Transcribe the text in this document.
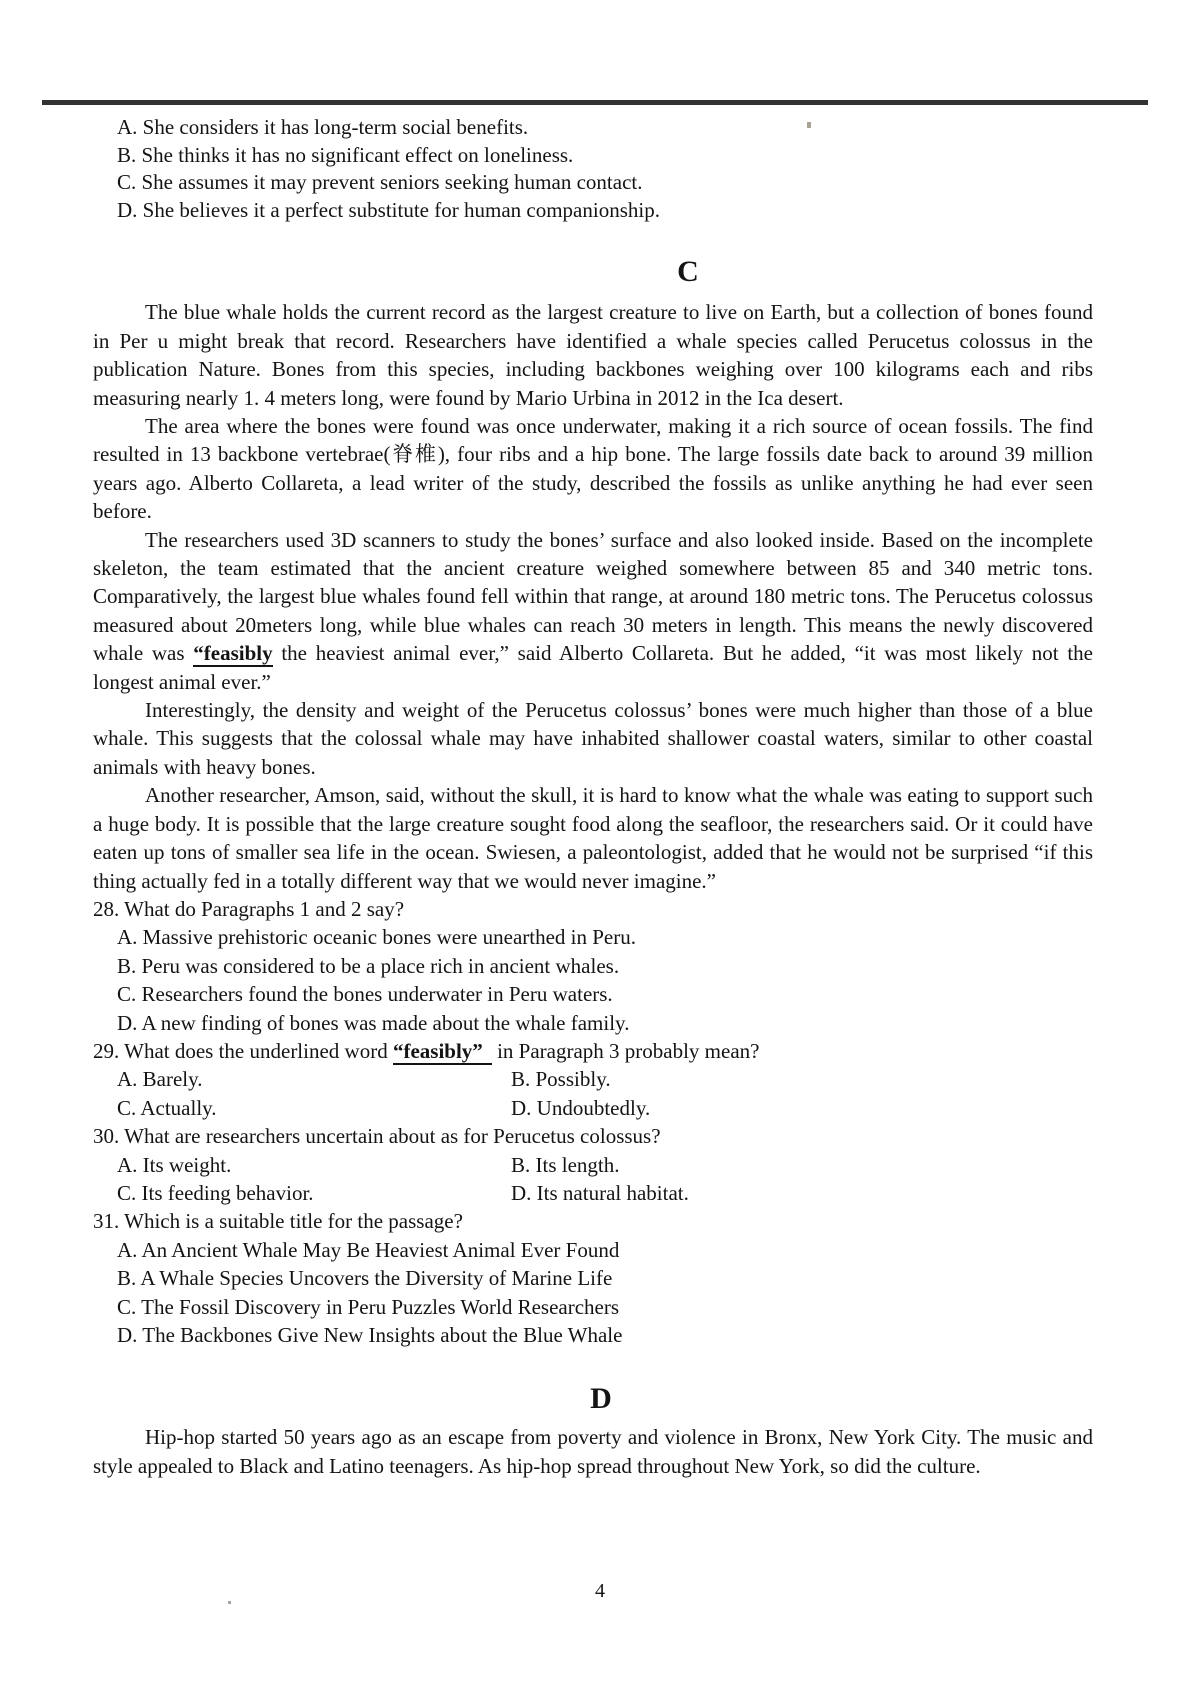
A. She considers it has long-term social benefits.
B. She thinks it has no significant effect on loneliness.
C. She assumes it may prevent seniors seeking human contact.
D. She believes it a perfect substitute for human companionship.
C

The blue whale holds the current record as the largest creature to live on Earth, but a collection of bones found in Per u might break that record. Researchers have identified a whale species called Perucetus colossus in the publication Nature. Bones from this species, including backbones weighing over 100 kilograms each and ribs measuring nearly 1. 4 meters long, were found by Mario Urbina in 2012 in the Ica desert.

The area where the bones were found was once underwater, making it a rich source of ocean fossils. The find resulted in 13 backbone vertebrae(脊椎), four ribs and a hip bone. The large fossils date back to around 39 million years ago. Alberto Collareta, a lead writer of the study, described the fossils as unlike anything he had ever seen before.

The researchers used 3D scanners to study the bones’ surface and also looked inside. Based on the incomplete skeleton, the team estimated that the ancient creature weighed somewhere between 85 and 340 metric tons. Comparatively, the largest blue whales found fell within that range, at around 180 metric tons. The Perucetus colossus measured about 20meters long, while blue whales can reach 30 meters in length. This means the newly discovered whale was “feasibly the heaviest animal ever,” said Alberto Collareta. But he added, “it was most likely not the longest animal ever.”

Interestingly, the density and weight of the Perucetus colossus’ bones were much higher than those of a blue whale. This suggests that the colossal whale may have inhabited shallower coastal waters, similar to other coastal animals with heavy bones.

Another researcher, Amson, said, without the skull, it is hard to know what the whale was eating to support such a huge body. It is possible that the large creature sought food along the seafloor, the researchers said. Or it could have eaten up tons of smaller sea life in the ocean. Swiesen, a paleontologist, added that he would not be surprised “if this thing actually fed in a totally different way that we would never imagine.”

28. What do Paragraphs 1 and 2 say?
A. Massive prehistoric oceanic bones were unearthed in Peru.
B. Peru was considered to be a place rich in ancient whales.
C. Researchers found the bones underwater in Peru waters.
D. A new finding of bones was made about the whale family.
29. What does the underlined word “feasibly” in Paragraph 3 probably mean?
A. Barely.	B. Possibly.
C. Actually.	D. Undoubtedly.
30. What are researchers uncertain about as for Perucetus colossus?
A. Its weight.	B. Its length.
C. Its feeding behavior.	D. Its natural habitat.
31. Which is a suitable title for the passage?
A. An Ancient Whale May Be Heaviest Animal Ever Found
B. A Whale Species Uncovers the Diversity of Marine Life
C. The Fossil Discovery in Peru Puzzles World Researchers
D. The Backbones Give New Insights about the Blue Whale
D

Hip-hop started 50 years ago as an escape from poverty and violence in Bronx, New York City. The music and style appealed to Black and Latino teenagers. As hip-hop spread throughout New York, so did the culture.

4
